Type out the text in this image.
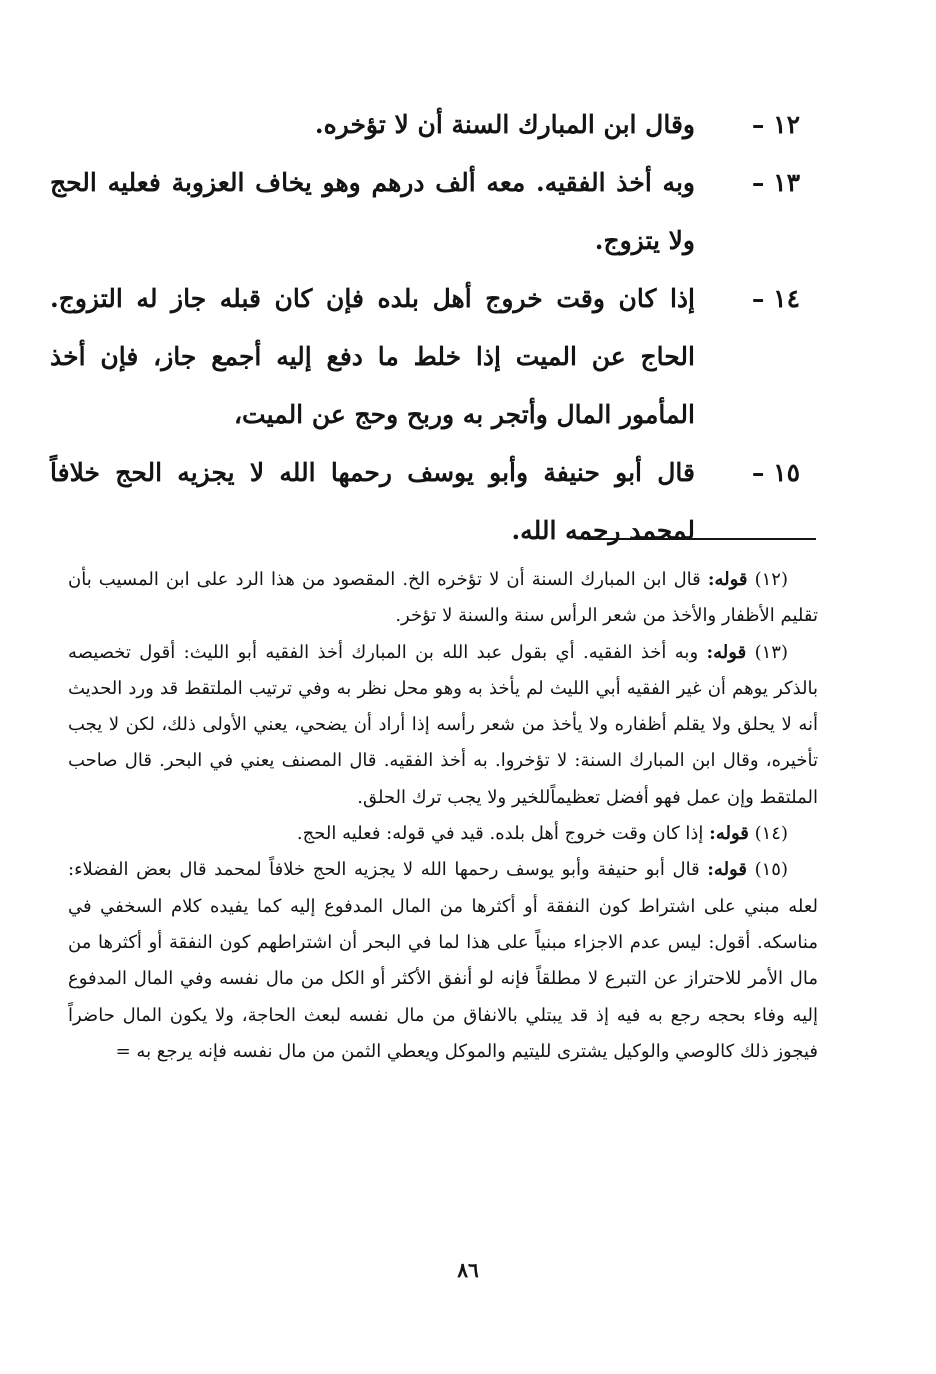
١٢ –
وقال ابن المبارك السنة أن لا تؤخره.
١٣ –
وبه أخذ الفقيه. معه ألف درهم وهو يخاف العزوبة فعليه الحج ولا يتزوج.
١٤ –
إذا كان وقت خروج أهل بلده فإن كان قبله جاز له التزوج. الحاج عن الميت إذا خلط ما دفع إليه أجمع جاز، فإن أخذ المأمور المال وأتجر به وربح وحج عن الميت،
١٥ –
قال أبو حنيفة وأبو يوسف رحمها الله لا يجزيه الحج خلافاً لمحمد رحمه الله.
(١٢) قوله: قال ابن المبارك السنة أن لا تؤخره الخ. المقصود من هذا الرد على ابن المسيب بأن تقليم الأظفار والأخذ من شعر الرأس سنة والسنة لا تؤخر.
(١٣) قوله: وبه أخذ الفقيه. أي بقول عبد الله بن المبارك أخذ الفقيه أبو الليث: أقول تخصيصه بالذكر يوهم أن غير الفقيه أبي الليث لم يأخذ به وهو محل نظر به وفي ترتيب الملتقط قد ورد الحديث أنه لا يحلق ولا يقلم أظفاره ولا يأخذ من شعر رأسه إذا أراد أن يضحي، يعني الأولى ذلك، لكن لا يجب تأخيره، وقال ابن المبارك السنة: لا تؤخروا. به أخذ الفقيه. قال المصنف يعني في البحر. قال صاحب الملتقط وإن عمل فهو أفضل تعظيماًللخير ولا يجب ترك الحلق.
(١٤) قوله: إذا كان وقت خروج أهل بلده. قيد في قوله: فعليه الحج.
(١٥) قوله: قال أبو حنيفة وأبو يوسف رحمها الله لا يجزيه الحج خلافاً لمحمد قال بعض الفضلاء: لعله مبني على اشتراط كون النفقة أو أكثرها من المال المدفوع إليه كما يفيده كلام السخفي في مناسكه. أقول: ليس عدم الاجزاء مبنياً على هذا لما في البحر أن اشتراطهم كون النفقة أو أكثرها من مال الأمر للاحتراز عن التبرع لا مطلقاً فإنه لو أنفق الأكثر أو الكل من مال نفسه وفي المال المدفوع إليه وفاء بحجه رجع به فيه إذ قد يبتلي بالانفاق من مال نفسه لبعث الحاجة، ولا يكون المال حاضراً فيجوز ذلك كالوصي والوكيل يشترى لليتيم والموكل ويعطي الثمن من مال نفسه فإنه يرجع به =
٨٦
